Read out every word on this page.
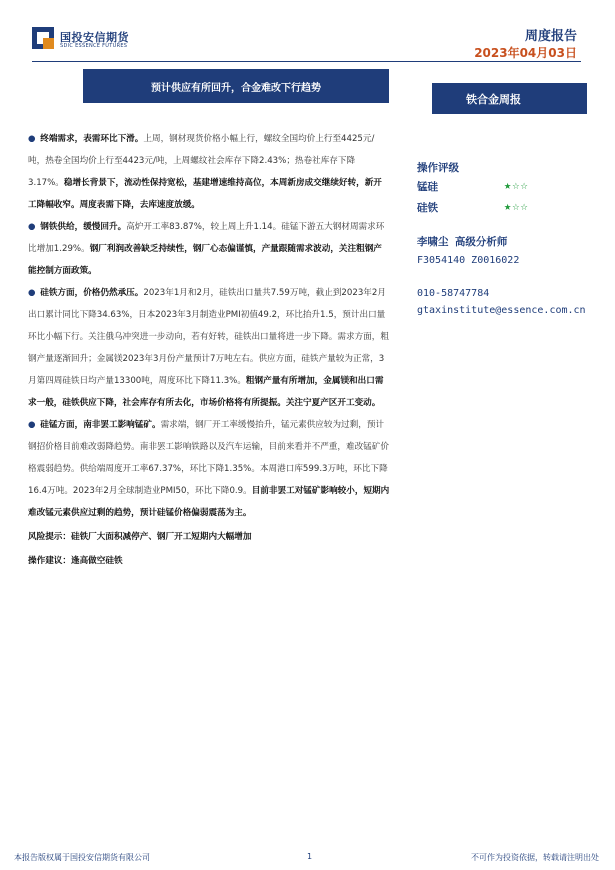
国投安信期货
SDIC ESSENCE FUTURES
周度报告
2023年04月03日
预计供应有所回升，合金难改下行趋势
铁合金周报

● 终端需求，表需环比下滑。上周，钢材现货价格小幅上行，螺纹全国均价上行至4425元/吨，热卷全国均价上行至4423元/吨，上周螺纹社会库存下降2.43%；热卷社库存下降3.17%。稳增长背景下，流动性保持宽松，基建增速维持高位，本周新房成交继续好转，新开工降幅收窄。周度表需下降，去库速度放缓。

● 钢铁供给，缓慢回升。高炉开工率83.87%，较上周上升1.14。硅锰下游五大钢材周需求环比增加1.29%。钢厂利润改善缺乏持续性，钢厂心态偏谨慎，产量跟随需求波动，关注粗钢产能控制方面政策。

● 硅铁方面，价格仍然承压。2023年1月和2月，硅铁出口量共7.59万吨，截止到2023年2月出口累计同比下降34.63%，日本2023年3月制造业PMI初值49.2，环比抬升1.5，预计出口量环比小幅下行。关注俄乌冲突进一步动向，若有好转，硅铁出口量将进一步下降。需求方面，粗钢产量逐渐回升；金属镁2023年3月份产量预计7万吨左右。供应方面，硅铁产量较为正常，3月第四周硅铁日均产量13300吨，周度环比下降11.3%。粗钢产量有所增加，金属镁和出口需求一般，硅铁供应下降，社会库存有所去化，市场价格将有所提振。关注宁夏产区开工变动。

● 硅锰方面，南非罢工影响锰矿。需求端，钢厂开工率缓慢抬升，锰元素供应较为过剩，预计钢招价格目前难改弱降趋势。南非罢工影响铁路以及汽车运输，目前来看并不严重，难改锰矿价格震弱趋势。供给端周度开工率67.37%，环比下降1.35%。本周港口库599.3万吨，环比下降16.4万吨。2023年2月全球制造业PMI50，环比下降0.9。目前非罢工对锰矿影响较小，短期内难改锰元素供应过剩的趋势，预计硅锰价格偏弱震荡为主。

风险提示：硅铁厂大面积减停产、钢厂开工短期内大幅增加

操作建议：逢高做空硅铁

操作评级
锰硅	★☆☆
硅铁	★☆☆
李啸尘 高级分析师
F3054140 Z0016022
010-58747784
gtaxinstitute@essence.com.cn
本报告版权属于国投安信期货有限公司	1	不可作为投资依据，转载请注明出处
